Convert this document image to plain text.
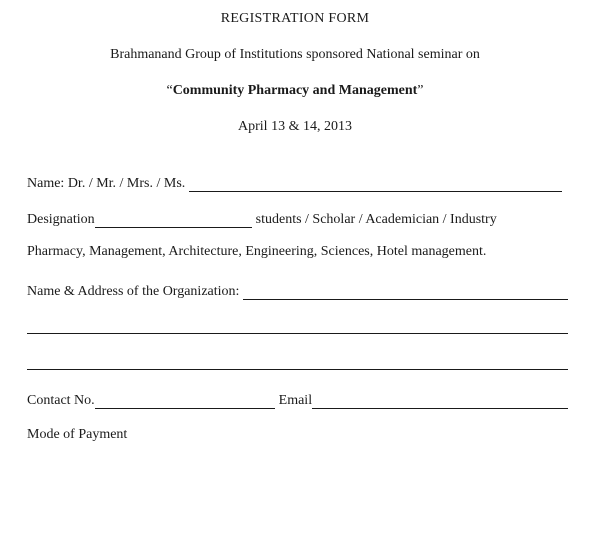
REGISTRATION FORM
Brahmanand Group of Institutions sponsored National seminar on
“Community Pharmacy and Management”
April 13 & 14, 2013
Name: Dr. / Mr. / Mrs. / Ms.
Designation	students / Scholar / Academician / Industry
Pharmacy, Management, Architecture, Engineering, Sciences, Hotel management.
Name & Address of the Organization:
Contact No.	Email
Mode of Payment
